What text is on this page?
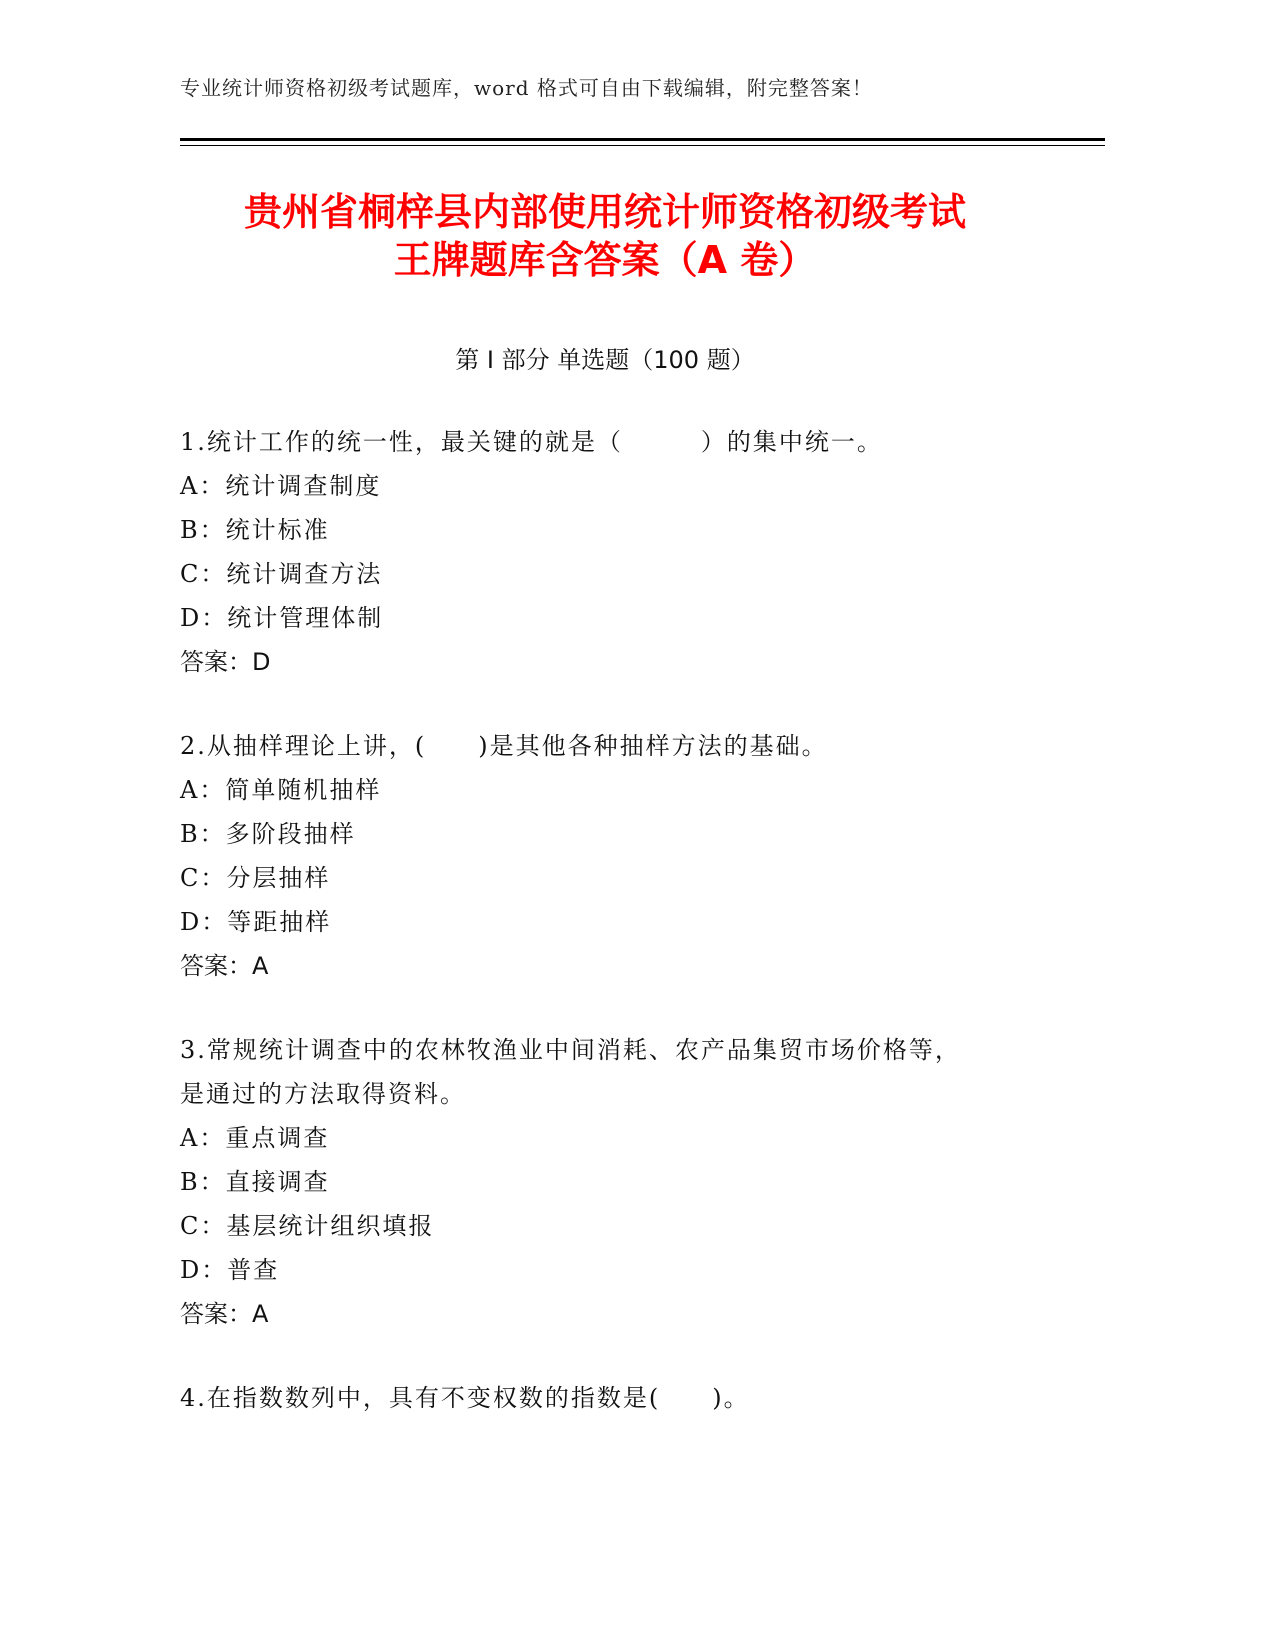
专业统计师资格初级考试题库，word 格式可自由下载编辑，附完整答案！
贵州省桐梓县内部使用统计师资格初级考试
王牌题库含答案（A 卷）
第 I 部分 单选题（100 题）
1.统计工作的统一性，最关键的就是（　　　）的集中统一。
A：统计调查制度
B：统计标准
C：统计调查方法
D：统计管理体制
答案：D
2.从抽样理论上讲，(　　)是其他各种抽样方法的基础。
A：简单随机抽样
B：多阶段抽样
C：分层抽样
D：等距抽样
答案：A
3.常规统计调查中的农林牧渔业中间消耗、农产品集贸市场价格等，
是通过的方法取得资料。
A：重点调查
B：直接调查
C：基层统计组织填报
D：普查
答案：A
4.在指数数列中，具有不变权数的指数是(　　)。
